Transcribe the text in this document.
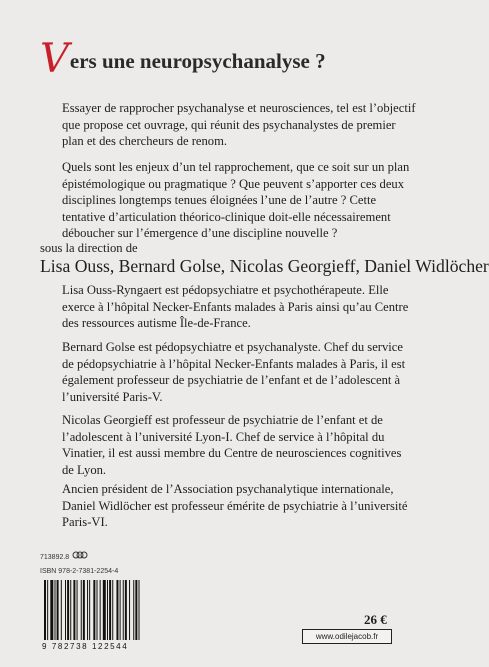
Vers une neuropsychanalyse ?
Essayer de rapprocher psychanalyse et neurosciences, tel est l’objectif que propose cet ouvrage, qui réunit des psychanalystes de premier plan et des chercheurs de renom.
Quels sont les enjeux d’un tel rapprochement, que ce soit sur un plan épistémologique ou pragmatique ? Que peuvent s’apporter ces deux disciplines longtemps tenues éloignées l’une de l’autre ? Cette tentative d’articulation théorico-clinique doit-elle nécessairement déboucher sur l’émergence d’une discipline nouvelle ?
sous la direction de
Lisa Ouss, Bernard Golse, Nicolas Georgieff, Daniel Widlöcher
Lisa Ouss-Ryngaert est pédopsychiatre et psychothérapeute. Elle exerce à l’hôpital Necker-Enfants malades à Paris ainsi qu’au Centre des ressources autisme Île-de-France.
Bernard Golse est pédopsychiatre et psychanalyste. Chef du service de pédopsychiatrie à l’hôpital Necker-Enfants malades à Paris, il est également professeur de psychiatrie de l’enfant et de l’adolescent à l’université Paris-V.
Nicolas Georgieff est professeur de psychiatrie de l’enfant et de l’adolescent à l’université Lyon-I. Chef de service à l’hôpital du Vinatier, il est aussi membre du Centre de neurosciences cognitives de Lyon.
Ancien président de l’Association psychanalytique internationale, Daniel Widlöcher est professeur émérite de psychiatrie à l’université Paris-VI.
713892.8
ISBN 978-2-7381-2254-4
9 782738 122544
26 €
www.odilejacob.fr
